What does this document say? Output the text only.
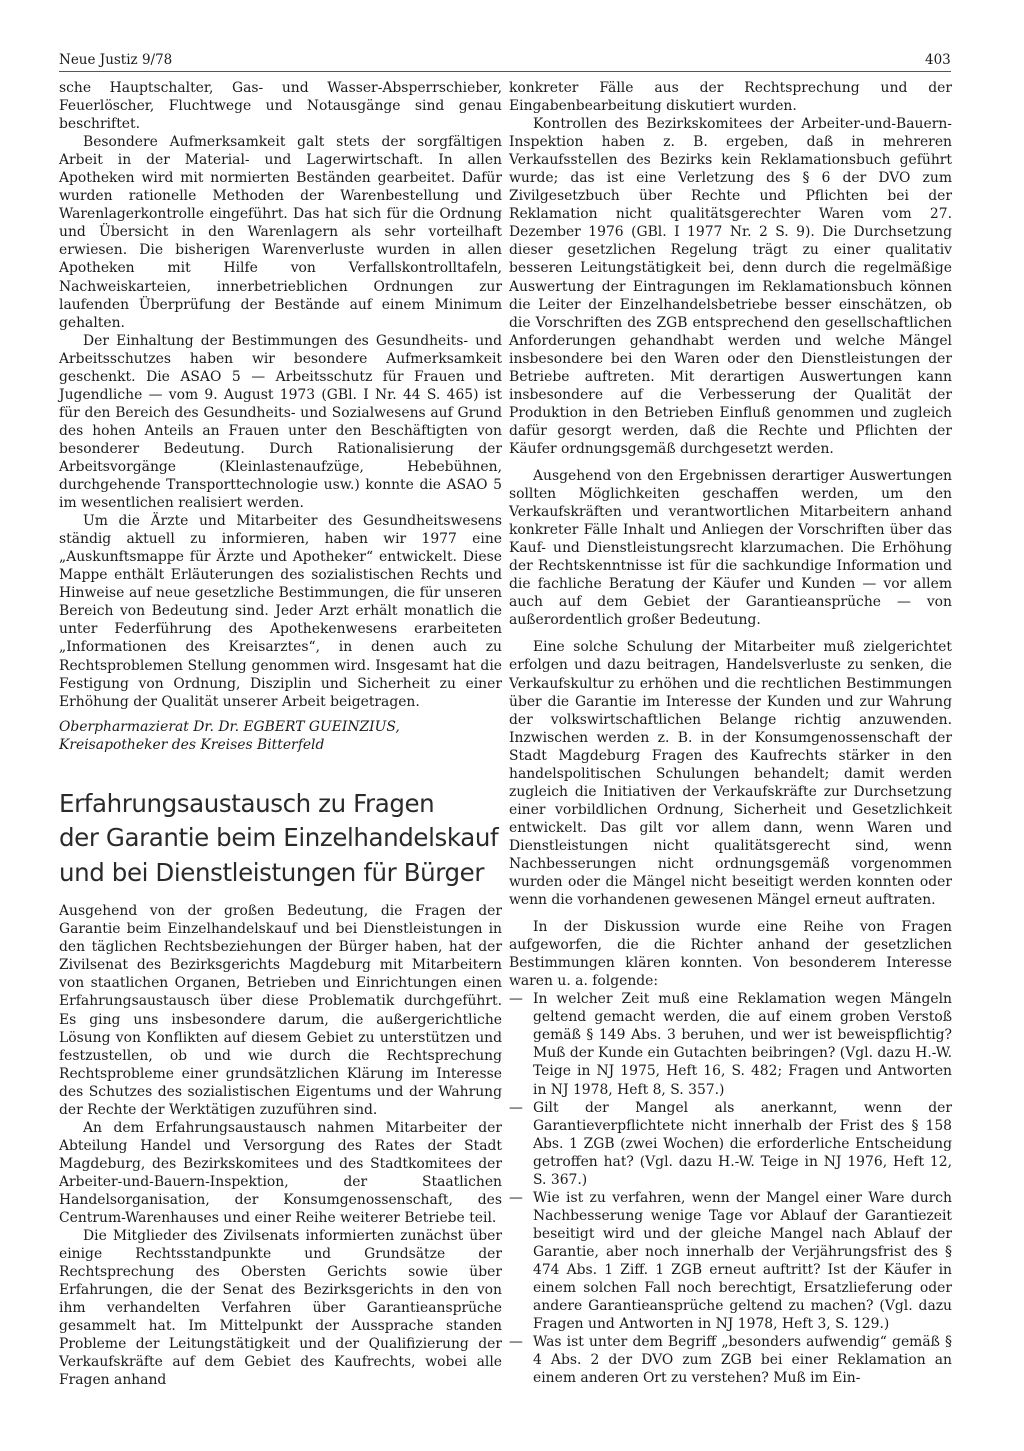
Neue Justiz 9/78	403

sche Hauptschalter, Gas- und Wasser-Absperrschieber, Feuerlöscher, Fluchtwege und Notausgänge sind genau beschriftet.

Besondere Aufmerksamkeit galt stets der sorgfältigen Arbeit in der Material- und Lagerwirtschaft. In allen Apotheken wird mit normierten Beständen gearbeitet. Dafür wurden rationelle Methoden der Warenbestellung und Warenlagerkontrolle eingeführt. Das hat sich für die Ordnung und Übersicht in den Warenlagern als sehr vorteilhaft erwiesen. Die bisherigen Warenverluste wurden in allen Apotheken mit Hilfe von Verfallskontrolltafeln, Nachweiskarteien, innerbetrieblichen Ordnungen zur laufenden Überprüfung der Bestände auf einem Minimum gehalten.

Der Einhaltung der Bestimmungen des Gesundheits- und Arbeitsschutzes haben wir besondere Aufmerksamkeit geschenkt. Die ASAO 5 — Arbeitsschutz für Frauen und Jugendliche — vom 9. August 1973 (GBl. I Nr. 44 S. 465) ist für den Bereich des Gesundheits- und Sozialwesens auf Grund des hohen Anteils an Frauen unter den Beschäftigten von besonderer Bedeutung. Durch Rationalisierung der Arbeitsvorgänge (Kleinlastenaufzüge, Hebebühnen, durchgehende Transporttechnologie usw.) konnte die ASAO 5 im wesentlichen realisiert werden.

Um die Ärzte und Mitarbeiter des Gesundheitswesens ständig aktuell zu informieren, haben wir 1977 eine „Auskunftsmappe für Ärzte und Apotheker“ entwickelt. Diese Mappe enthält Erläuterungen des sozialistischen Rechts und Hinweise auf neue gesetzliche Bestimmungen, die für unseren Bereich von Bedeutung sind. Jeder Arzt erhält monatlich die unter Federführung des Apothekenwesens erarbeiteten „Informationen des Kreisarztes“, in denen auch zu Rechtsproblemen Stellung genommen wird. Insgesamt hat die Festigung von Ordnung, Disziplin und Sicherheit zu einer Erhöhung der Qualität unserer Arbeit beigetragen.

Oberpharmazierat Dr. Dr. EGBERT GUEINZIUS,
Kreisapotheker des Kreises Bitterfeld
Erfahrungsaustausch zu Fragen
der Garantie beim Einzelhandelskauf
und bei Dienstleistungen für Bürger

Ausgehend von der großen Bedeutung, die Fragen der Garantie beim Einzelhandelskauf und bei Dienstleistungen in den täglichen Rechtsbeziehungen der Bürger haben, hat der Zivilsenat des Bezirksgerichts Magdeburg mit Mitarbeitern von staatlichen Organen, Betrieben und Einrichtungen einen Erfahrungsaustausch über diese Problematik durchgeführt. Es ging uns insbesondere darum, die außergerichtliche Lösung von Konflikten auf diesem Gebiet zu unterstützen und festzustellen, ob und wie durch die Rechtsprechung Rechtsprobleme einer grundsätzlichen Klärung im Interesse des Schutzes des sozialistischen Eigentums und der Wahrung der Rechte der Werktätigen zuzuführen sind.

An dem Erfahrungsaustausch nahmen Mitarbeiter der Abteilung Handel und Versorgung des Rates der Stadt Magdeburg, des Bezirkskomitees und des Stadtkomitees der Arbeiter-und-Bauern-Inspektion, der Staatlichen Handelsorganisation, der Konsumgenossenschaft, des Centrum-Warenhauses und einer Reihe weiterer Betriebe teil.

Die Mitglieder des Zivilsenats informierten zunächst über einige Rechtsstandpunkte und Grundsätze der Rechtsprechung des Obersten Gerichts sowie über Erfahrungen, die der Senat des Bezirksgerichts in den von ihm verhandelten Verfahren über Garantieansprüche gesammelt hat. Im Mittelpunkt der Aussprache standen Probleme der Leitungstätigkeit und der Qualifizierung der Verkaufskräfte auf dem Gebiet des Kaufrechts, wobei alle Fragen anhand

konkreter Fälle aus der Rechtsprechung und der Eingabenbearbeitung diskutiert wurden.

Kontrollen des Bezirkskomitees der Arbeiter-und-Bauern-Inspektion haben z. B. ergeben, daß in mehreren Verkaufsstellen des Bezirks kein Reklamationsbuch geführt wurde; das ist eine Verletzung des § 6 der DVO zum Zivilgesetzbuch über Rechte und Pflichten bei der Reklamation nicht qualitätsgerechter Waren vom 27. Dezember 1976 (GBl. I 1977 Nr. 2 S. 9). Die Durchsetzung dieser gesetzlichen Regelung trägt zu einer qualitativ besseren Leitungstätigkeit bei, denn durch die regelmäßige Auswertung der Eintragungen im Reklamationsbuch können die Leiter der Einzelhandelsbetriebe besser einschätzen, ob die Vorschriften des ZGB entsprechend den gesellschaftlichen Anforderungen gehandhabt werden und welche Mängel insbesondere bei den Waren oder den Dienstleistungen der Betriebe auftreten. Mit derartigen Auswertungen kann insbesondere auf die Verbesserung der Qualität der Produktion in den Betrieben Einfluß genommen und zugleich dafür gesorgt werden, daß die Rechte und Pflichten der Käufer ordnungsgemäß durchgesetzt werden.

Ausgehend von den Ergebnissen derartiger Auswertungen sollten Möglichkeiten geschaffen werden, um den Verkaufskräften und verantwortlichen Mitarbeitern anhand konkreter Fälle Inhalt und Anliegen der Vorschriften über das Kauf- und Dienstleistungsrecht klarzumachen. Die Erhöhung der Rechtskenntnisse ist für die sachkundige Information und die fachliche Beratung der Käufer und Kunden — vor allem auch auf dem Gebiet der Garantieansprüche — von außerordentlich großer Bedeutung.

Eine solche Schulung der Mitarbeiter muß zielgerichtet erfolgen und dazu beitragen, Handelsverluste zu senken, die Verkaufskultur zu erhöhen und die rechtlichen Bestimmungen über die Garantie im Interesse der Kunden und zur Wahrung der volkswirtschaftlichen Belange richtig anzuwenden. Inzwischen werden z. B. in der Konsumgenossenschaft der Stadt Magdeburg Fragen des Kaufrechts stärker in den handelspolitischen Schulungen behandelt; damit werden zugleich die Initiativen der Verkaufskräfte zur Durchsetzung einer vorbildlichen Ordnung, Sicherheit und Gesetzlichkeit entwickelt. Das gilt vor allem dann, wenn Waren und Dienstleistungen nicht qualitätsgerecht sind, wenn Nachbesserungen nicht ordnungsgemäß vorgenommen wurden oder die Mängel nicht beseitigt werden konnten oder wenn die vorhandenen gewesenen Mängel erneut auftraten.

In der Diskussion wurde eine Reihe von Fragen aufgeworfen, die die Richter anhand der gesetzlichen Bestimmungen klären konnten. Von besonderem Interesse waren u. a. folgende:

— In welcher Zeit muß eine Reklamation wegen Mängeln geltend gemacht werden, die auf einem groben Verstoß gemäß § 149 Abs. 3 beruhen, und wer ist beweispflichtig? Muß der Kunde ein Gutachten beibringen? (Vgl. dazu H.-W. Teige in NJ 1975, Heft 16, S. 482; Fragen und Antworten in NJ 1978, Heft 8, S. 357.)
— Gilt der Mangel als anerkannt, wenn der Garantieverpflichtete nicht innerhalb der Frist des § 158 Abs. 1 ZGB (zwei Wochen) die erforderliche Entscheidung getroffen hat? (Vgl. dazu H.-W. Teige in NJ 1976, Heft 12, S. 367.)
— Wie ist zu verfahren, wenn der Mangel einer Ware durch Nachbesserung wenige Tage vor Ablauf der Garantiezeit beseitigt wird und der gleiche Mangel nach Ablauf der Garantie, aber noch innerhalb der Verjährungsfrist des § 474 Abs. 1 Ziff. 1 ZGB erneut auftritt? Ist der Käufer in einem solchen Fall noch berechtigt, Ersatzlieferung oder andere Garantieansprüche geltend zu machen? (Vgl. dazu Fragen und Antworten in NJ 1978, Heft 3, S. 129.)
— Was ist unter dem Begriff „besonders aufwendig“ gemäß § 4 Abs. 2 der DVO zum ZGB bei einer Reklamation an einem anderen Ort zu verstehen? Muß im Ein-
